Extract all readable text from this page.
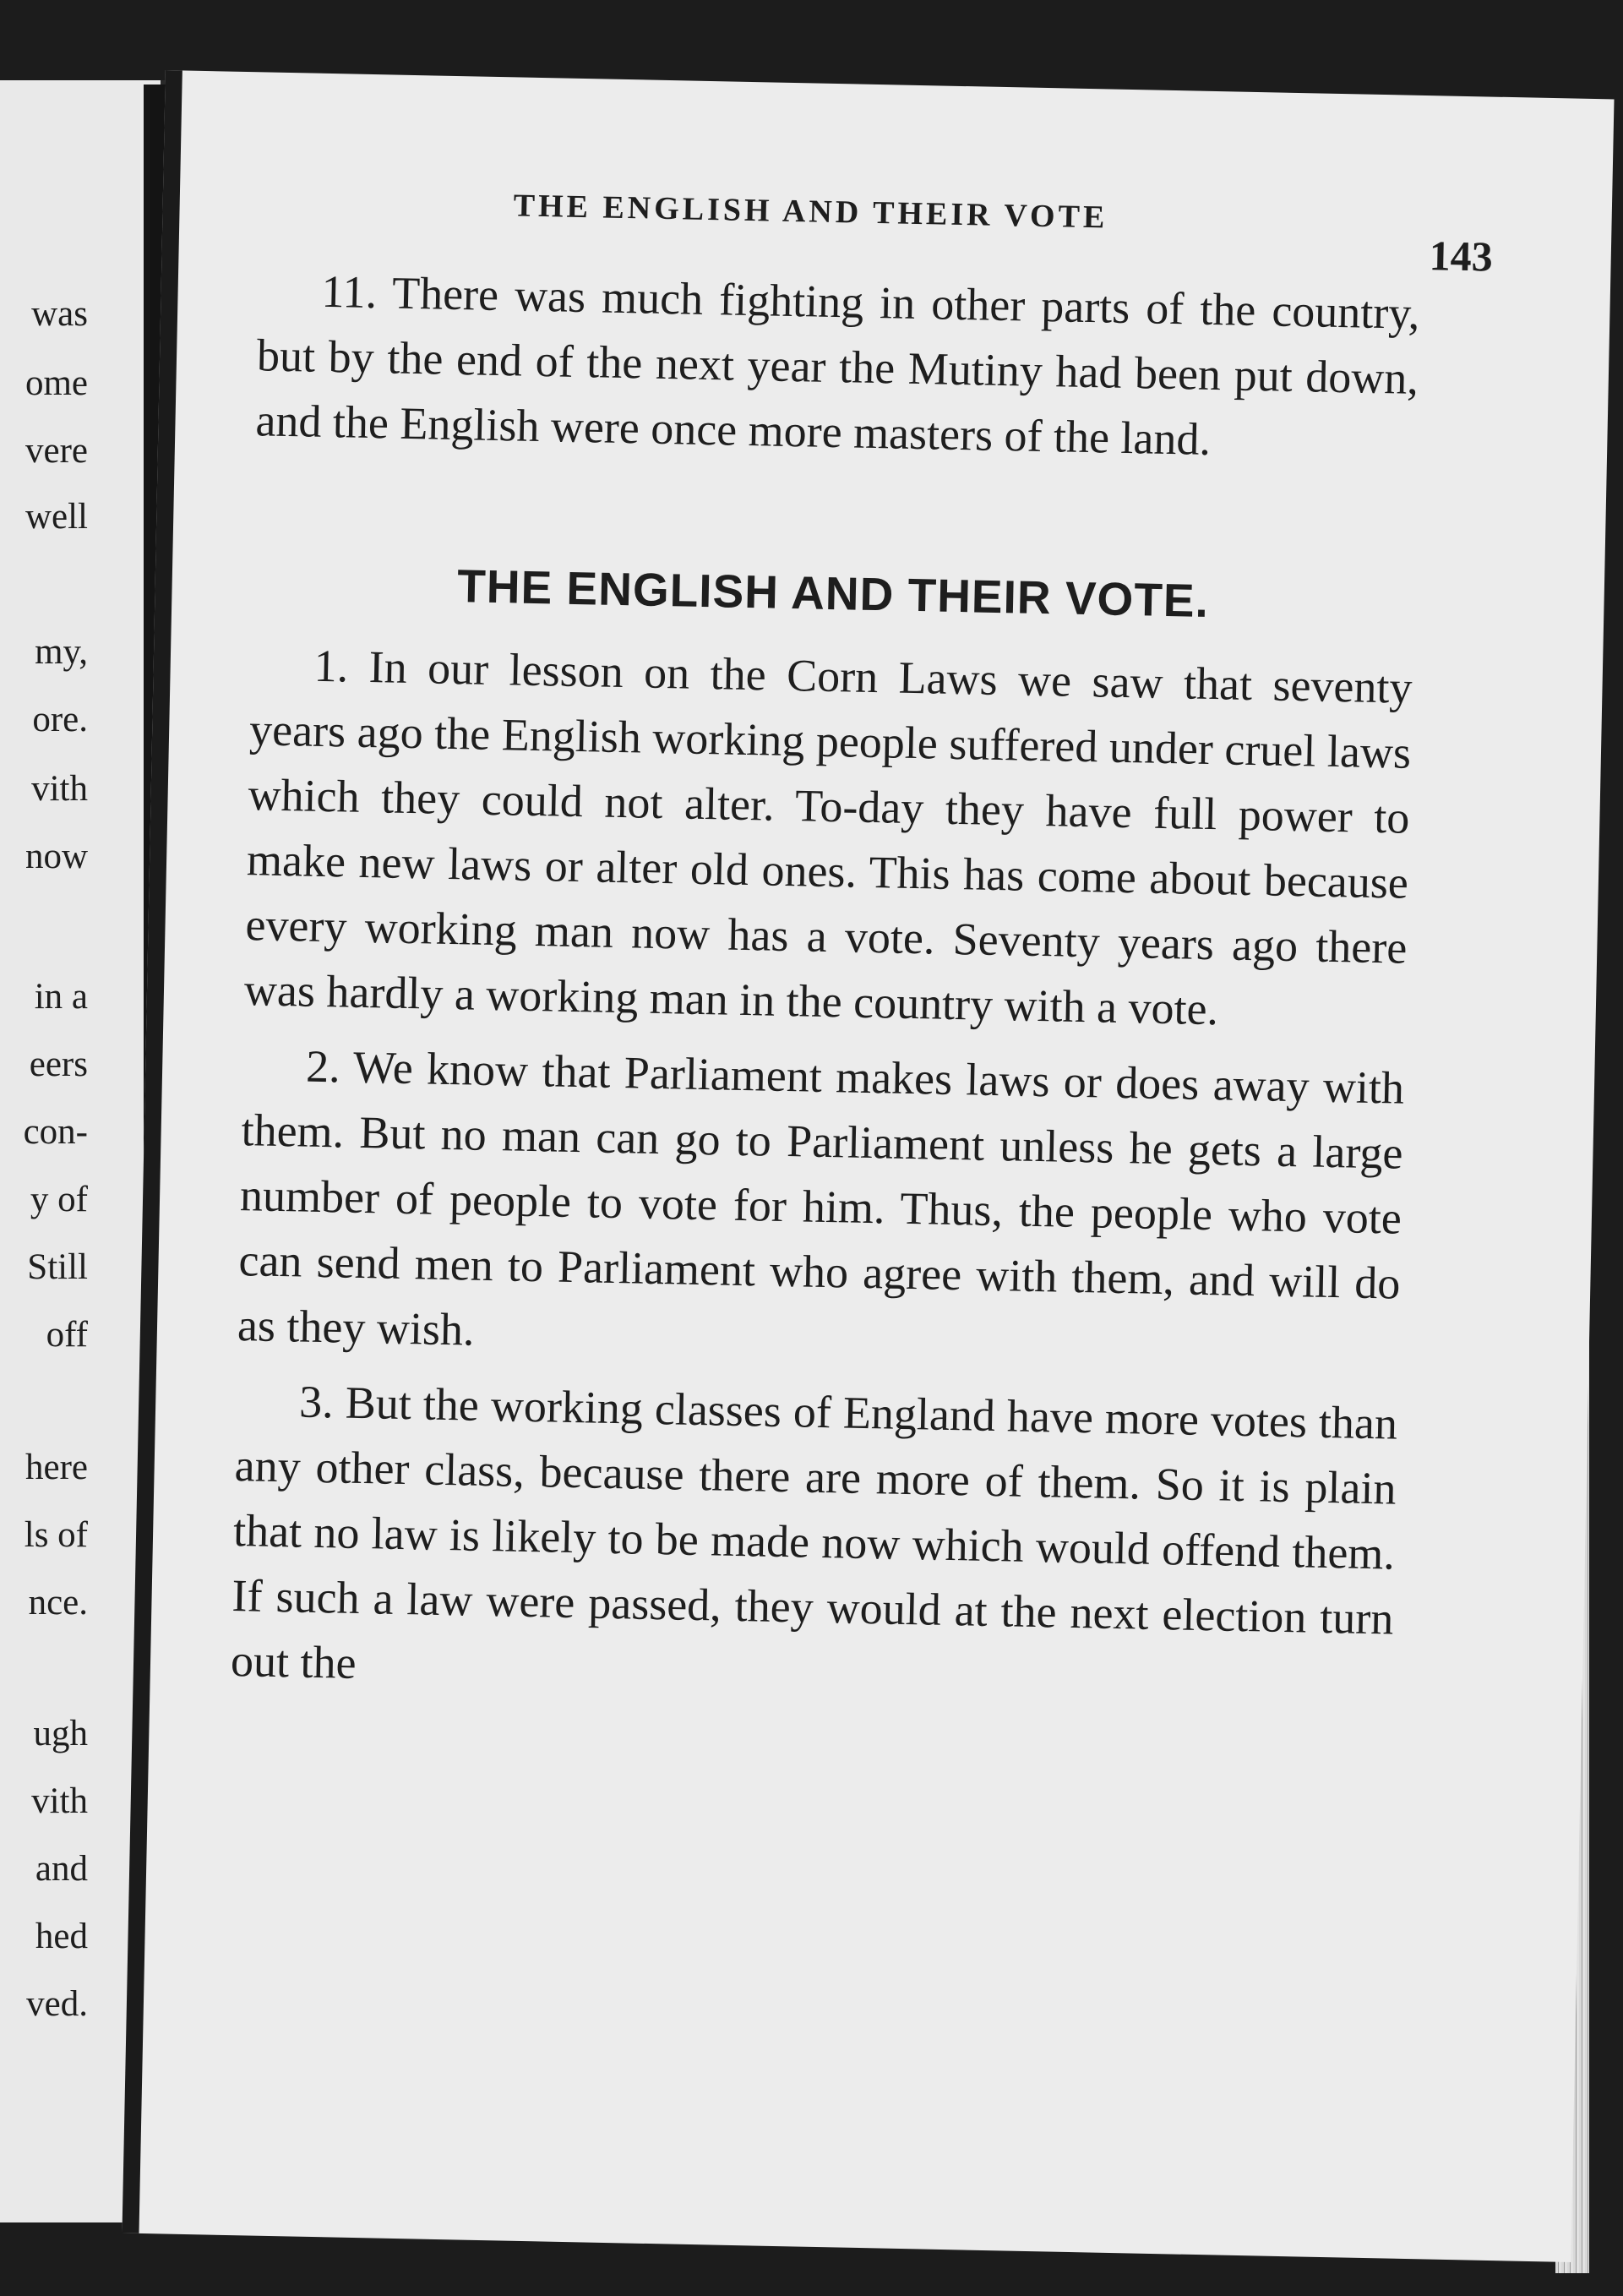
was
ome
vere
well
my,
ore.
vith
now
in a
eers
con-
y of
Still
off
here
ls of
nce.
ugh
vith
and
hed
ved.
THE ENGLISH AND THEIR VOTE
143

11. There was much fighting in other parts of the country, but by the end of the next year the Mutiny had been put down, and the English were once more masters of the land.

THE ENGLISH AND THEIR VOTE.

1. In our lesson on the Corn Laws we saw that seventy years ago the English working people suffered under cruel laws which they could not alter. To-day they have full power to make new laws or alter old ones. This has come about because every working man now has a vote. Seventy years ago there was hardly a working man in the country with a vote.

2. We know that Parliament makes laws or does away with them. But no man can go to Parliament unless he gets a large number of people to vote for him. Thus, the people who vote can send men to Parliament who agree with them, and will do as they wish.

3. But the working classes of England have more votes than any other class, because there are more of them. So it is plain that no law is likely to be made now which would offend them. If such a law were passed, they would at the next election turn out the
